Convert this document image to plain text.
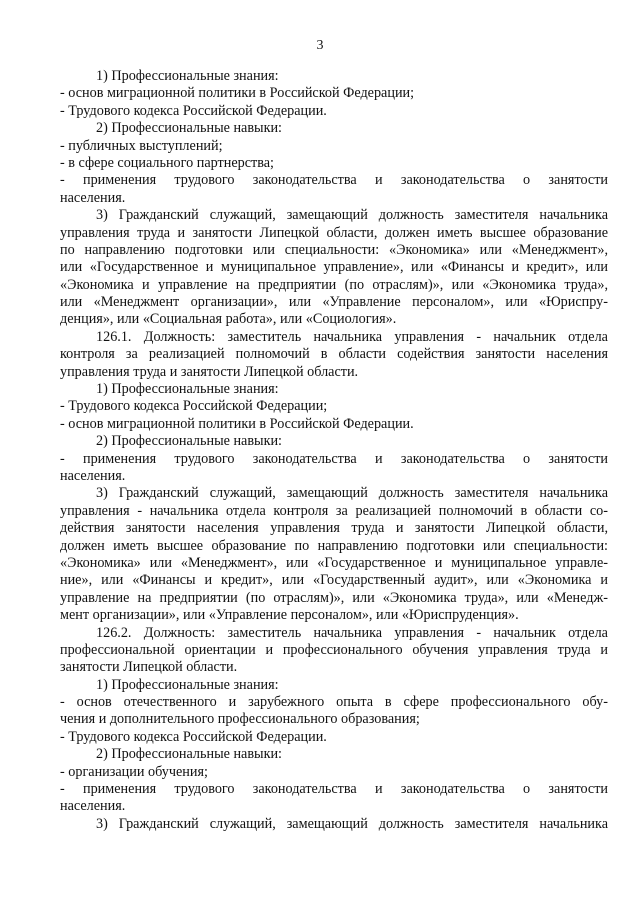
3
1) Профессиональные знания:
- основ миграционной политики в Российской Федерации;
- Трудового кодекса Российской Федерации.
2) Профессиональные навыки:
- публичных выступлений;
- в сфере социального партнерства;
- применения трудового законодательства и законодательства о занятости
населения.
3) Гражданский служащий, замещающий должность заместителя начальника
управления труда и занятости Липецкой области, должен иметь высшее образование
по направлению подготовки или специальности: «Экономика» или «Менеджмент»,
или «Государственное и муниципальное управление», или «Финансы и кредит», или
«Экономика и управление на предприятии (по отраслям)», или «Экономика труда»,
или «Менеджмент организации», или «Управление персоналом», или «Юриспру-
денция», или «Социальная работа», или «Социология».
126.1. Должность: заместитель начальника управления - начальник отдела
контроля за реализацией полномочий в области содействия занятости населения
управления труда и занятости Липецкой области.
1) Профессиональные знания:
- Трудового кодекса Российской Федерации;
- основ миграционной политики в Российской Федерации.
2) Профессиональные навыки:
- применения трудового законодательства и законодательства о занятости
населения.
3) Гражданский служащий, замещающий должность заместителя начальника
управления - начальника отдела контроля за реализацией полномочий в области со-
действия занятости населения управления труда и занятости Липецкой области,
должен иметь высшее образование по направлению подготовки или специальности:
«Экономика» или «Менеджмент», или «Государственное и муниципальное управле-
ние», или «Финансы и кредит», или «Государственный аудит», или «Экономика и
управление на предприятии (по отраслям)», или «Экономика труда», или «Менедж-
мент организации», или «Управление персоналом», или «Юриспруденция».
126.2. Должность: заместитель начальника управления - начальник отдела
профессиональной ориентации и профессионального обучения управления труда и
занятости Липецкой области.
1) Профессиональные знания:
- основ отечественного и зарубежного опыта в сфере профессионального обу-
чения и дополнительного профессионального образования;
- Трудового кодекса Российской Федерации.
2) Профессиональные навыки:
- организации обучения;
- применения трудового законодательства и законодательства о занятости
населения.
3) Гражданский служащий, замещающий должность заместителя начальника
